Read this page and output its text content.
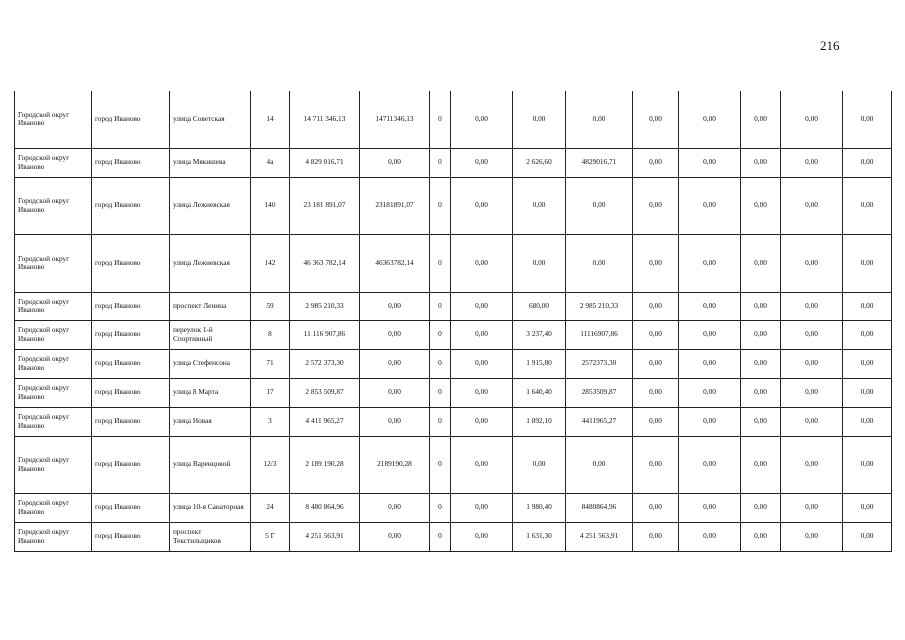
216
Городской округ Иваново	город Иваново	улица Советская	14	14 711 346,13	14711346,13	0	0,00	0,00	0,00	0,00	0,00	0,00	0,00	0,00
Городской округ Иваново	город Иваново	улица Мякишева	4а	4 829 016,71	0,00	0	0,00	2 626,60	4829016,71	0,00	0,00	0,00	0,00	0,00
Городской округ Иваново	город Иваново	улица Лежневская	140	23 181 891,07	23181891,07	0	0,00	0,00	0,00	0,00	0,00	0,00	0,00	0,00
Городской округ Иваново	город Иваново	улица Лежневская	142	46 363 782,14	46363782,14	0	0,00	0,00	0,00	0,00	0,00	0,00	0,00	0,00
Городской округ Иваново	город Иваново	проспект Ленина	59	2 985 210,33	0,00	0	0,00	680,00	2 985 210,33	0,00	0,00	0,00	0,00	0,00
Городской округ Иваново	город Иваново	переулок 1-й Спортивный	8	11 116 907,86	0,00	0	0,00	3 237,40	11116907,86	0,00	0,00	0,00	0,00	0,00
Городской округ Иваново	город Иваново	улица Стефенсона	71	2 572 373,30	0,00	0	0,00	1 915,80	2572373,30	0,00	0,00	0,00	0,00	0,00
Городской округ Иваново	город Иваново	улица 8 Марта	17	2 853 509,87	0,00	0	0,00	1 640,40	2853509,87	0,00	0,00	0,00	0,00	0,00
Городской округ Иваново	город Иваново	улица Новая	3	4 411 965,27	0,00	0	0,00	1 892,10	4411965,27	0,00	0,00	0,00	0,00	0,00
Городской округ Иваново	город Иваново	улица Варенцовой	12/3	2 189 190,28	2189190,28	0	0,00	0,00	0,00	0,00	0,00	0,00	0,00	0,00
Городской округ Иваново	город Иваново	улица 10-я Санаторная	24	8 480 864,96	0,00	0	0,00	1 980,40	8480864,96	0,00	0,00	0,00	0,00	0,00
Городской округ Иваново	город Иваново	проспект Текстильщиков	5 Г	4 251 563,91	0,00	0	0,00	1 631,30	4 251 563,91	0,00	0,00	0,00	0,00	0,00
